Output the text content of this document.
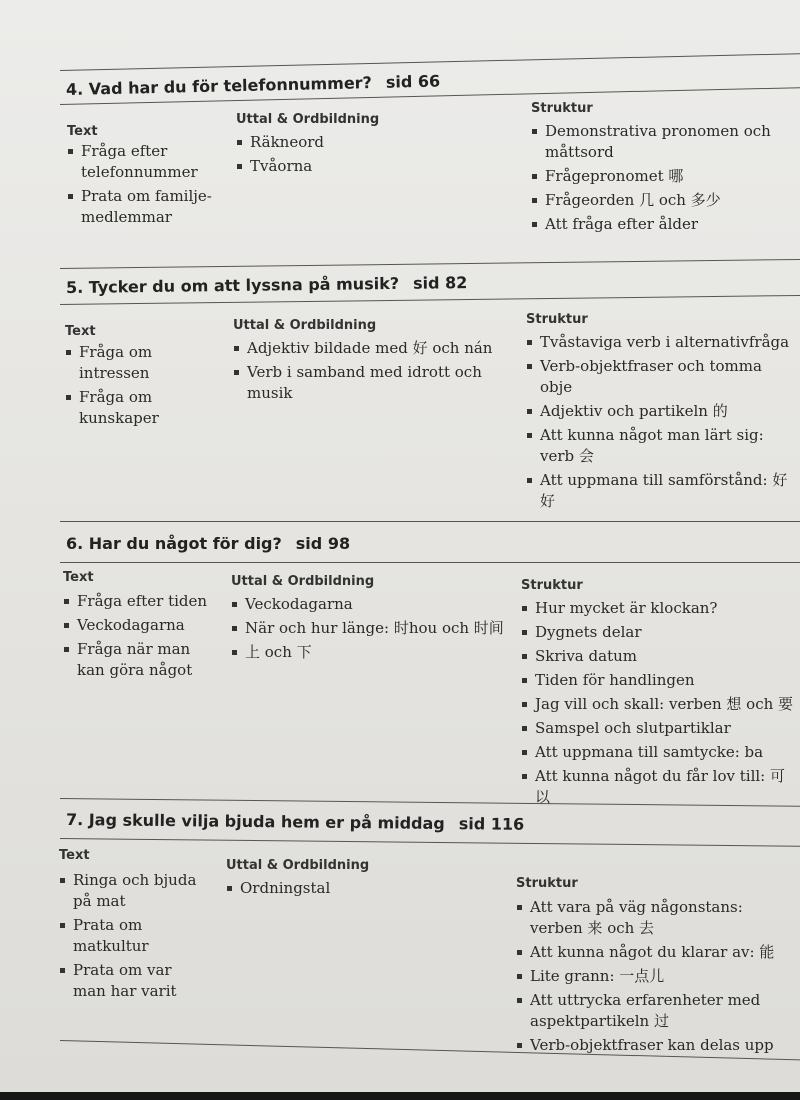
4. Vad har du för telefonnummer? sid 66
Text
Fråga efter telefonnummer
Prata om familje-medlemmar
Uttal & Ordbildning
Räkneord
Tvåorna
Struktur
Demonstrativa pronomen och måttsord
Frågepronomet 哪
Frågeorden 几 och 多少
Att fråga efter ålder
5. Tycker du om att lyssna på musik? sid 82
Text
Fråga om intressen
Fråga om kunskaper
Uttal & Ordbildning
Adjektiv bildade med 好 och nán
Verb i samband med idrott och musik
Struktur
Tvåstaviga verb i alternativfråga
Verb-objektfraser och tomma obje
Adjektiv och partikeln 的
Att kunna något man lärt sig: verb 会
Att uppmana till samförstånd: 好 好
6. Har du något för dig? sid 98
Text
Fråga efter tiden
Veckodagarna
Fråga när man kan göra något
Uttal & Ordbildning
Veckodagarna
När och hur länge: 时hou och 时间
上 och 下
Struktur
Hur mycket är klockan?
Dygnets delar
Skriva datum
Tiden för handlingen
Jag vill och skall: verben 想 och 要
Samspel och slutpartiklar
Att uppmana till samtycke: ba
Att kunna något du får lov till: 可以
7. Jag skulle vilja bjuda hem er på middag sid 116
Text
Ringa och bjuda på mat
Prata om matkultur
Prata om var man har varit
Uttal & Ordbildning
Ordningstal	Struktur
Att vara på väg någonstans: verben 来 och 去
Att kunna något du klarar av: 能
Lite grann: 一点儿
Att uttrycka erfarenheter med aspektpartikeln 过
Verb-objektfraser kan delas upp
